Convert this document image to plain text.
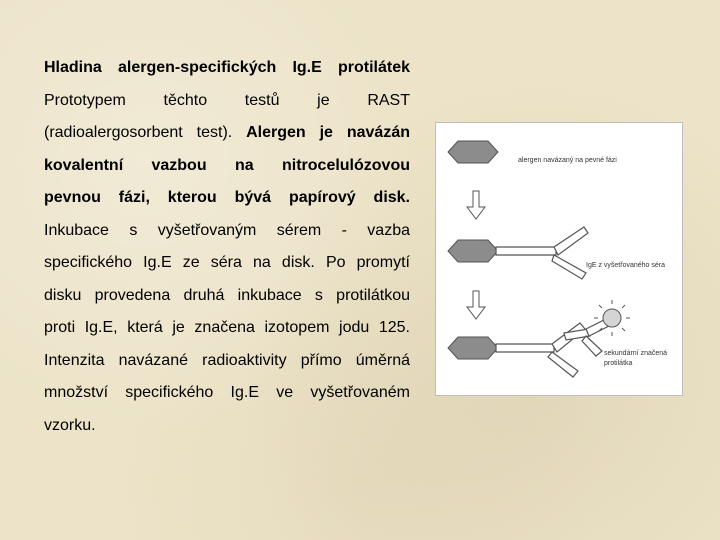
Hladina alergen-specifických Ig.E protilátek
Prototypem těchto testů je RAST
(radioalergosorbent test). Alergen je navázán
kovalentní vazbou na nitrocelulózovou
pevnou fázi, kterou bývá papírový disk.
Inkubace s vyšetřovaným sérem - vazba
specifického Ig.E ze séra na disk. Po promytí
disku provedena druhá inkubace s protilátkou
proti Ig.E, která je značena izotopem jodu 125.
Intenzita navázané radioaktivity přímo úměrná
množství specifického Ig.E ve vyšetřovaném
vzorku.
alergen navázaný na pevné fázi
IgE z vyšetřovaného séra
sekundární značená
protilátka
